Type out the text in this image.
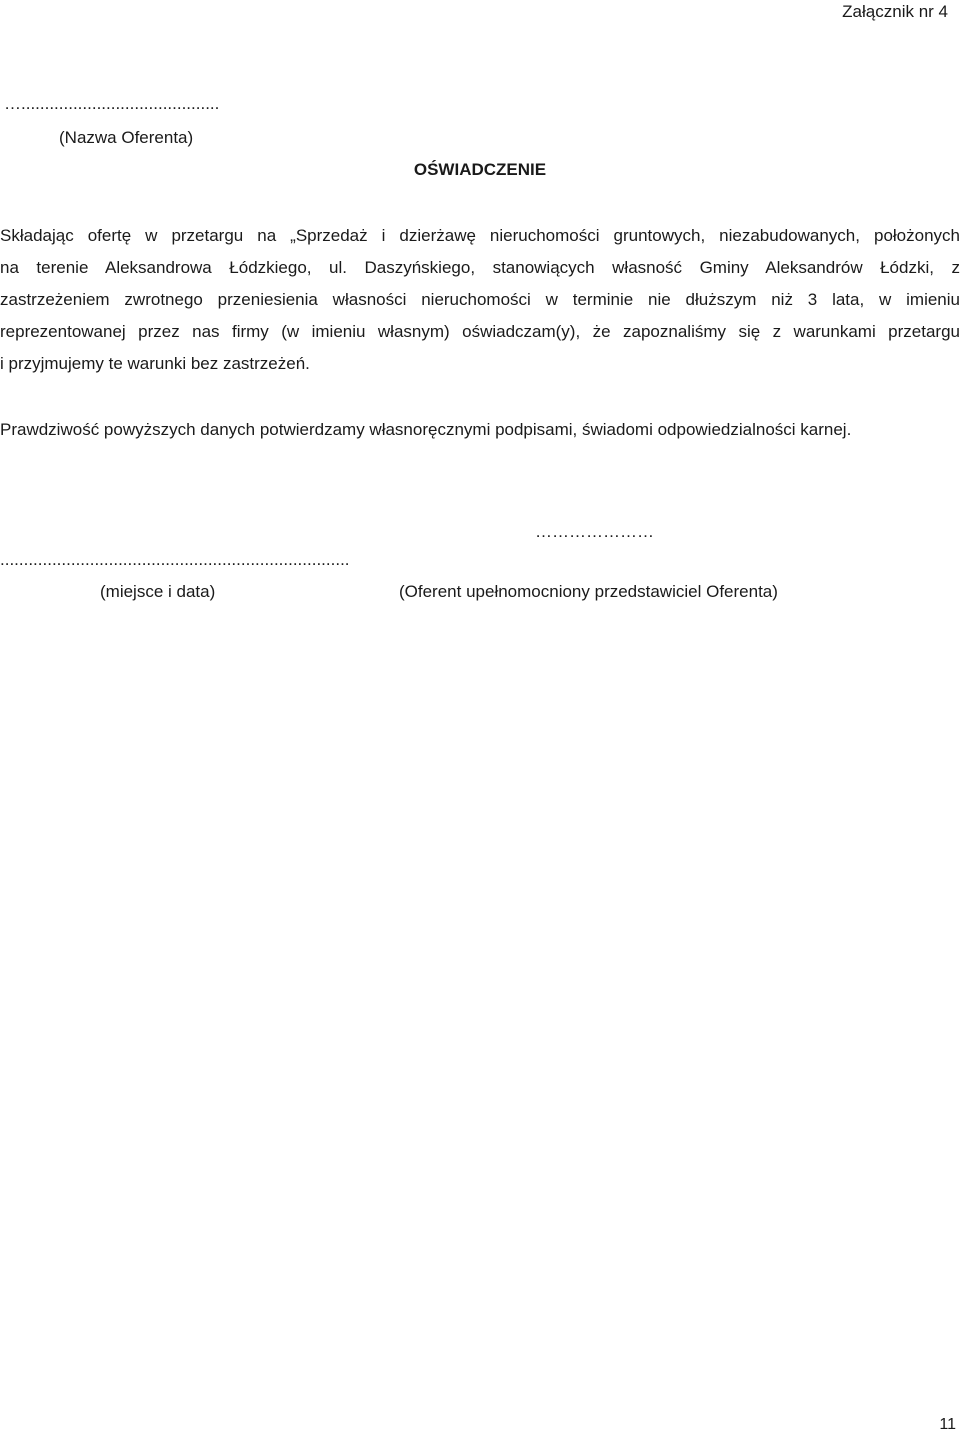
Załącznik nr 4
…..........................................
(Nazwa Oferenta)
OŚWIADCZENIE
Składając ofertę w przetargu na „Sprzedaż i dzierżawę nieruchomości gruntowych, niezabudowanych, położonych
na terenie Aleksandrowa Łódzkiego, ul. Daszyńskiego, stanowiących własność Gminy Aleksandrów Łódzki, z
zastrzeżeniem zwrotnego przeniesienia własności nieruchomości w terminie nie dłuższym niż 3 lata, w imieniu
reprezentowanej przez nas firmy (w imieniu własnym) oświadczam(y), że zapoznaliśmy się z warunkami przetargu
i przyjmujemy te warunki bez zastrzeżeń.
Prawdziwość powyższych danych potwierdzamy własnoręcznymi podpisami, świadomi odpowiedzialności karnej.
…………………
..........................................................................
(miejsce i data)	(Oferent upełnomocniony przedstawiciel Oferenta)
11
